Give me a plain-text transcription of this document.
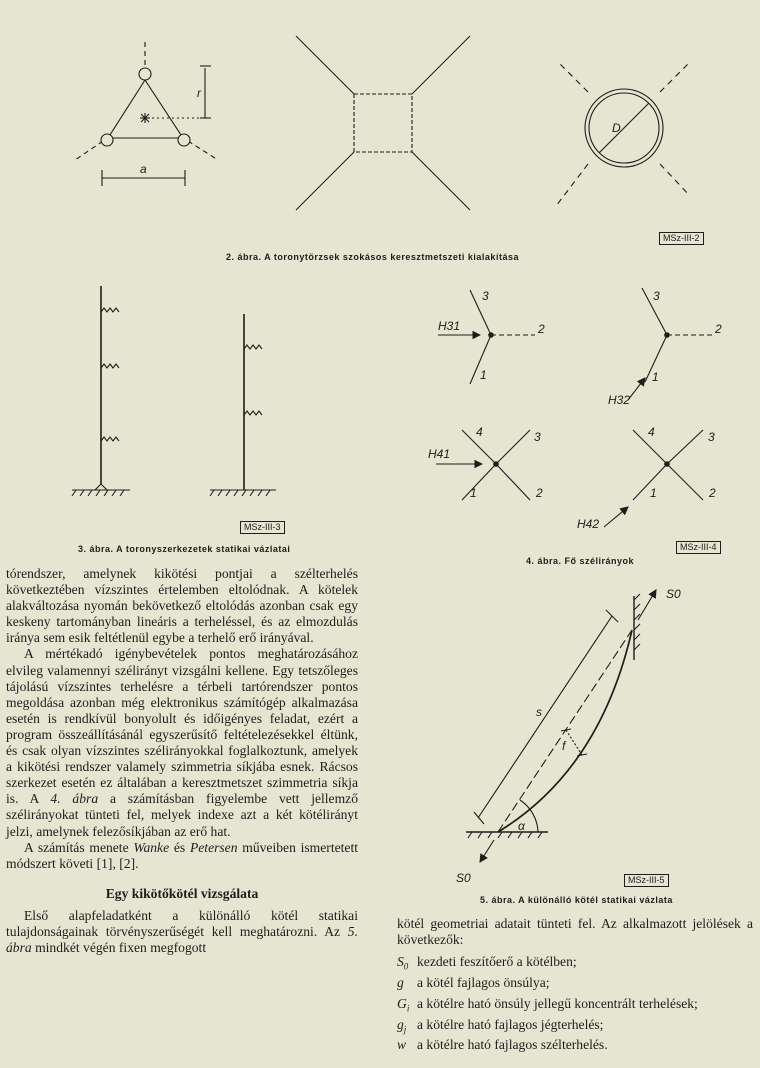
r
a
D
H31
3
2
1
3
2
1
H32
H41
4	3
1	2
4	3
1	2
H42
S0
S0
s
f
α
MSz-III-2
2. ábra. A toronytörzsek szokásos keresztmetszeti kialakítása
MSz-III-3
3. ábra. A toronyszerkezetek statikai vázlatai	MSz-III-4
4. ábra. Fő szélirányok
MSz-III-5
5. ábra. A különálló kötél statikai vázlata

tórendszer, amelynek kikötési pontjai a szélterhelés következtében vízszintes értelemben eltolódnak. A kötelek alakváltozása nyomán bekövetkező eltolódás azonban csak egy keskeny tartományban lineáris a terheléssel, és az elmozdulás iránya sem esik feltétlenül egybe a terhelő erő irányával.

A mértékadó igénybevételek pontos meghatározásához elvileg valamennyi szélirányt vizsgálni kellene. Egy tetszőleges tájolású vízszintes terhelésre a térbeli tartórendszer pontos megoldása azonban még elektronikus számítógép alkalmazása esetén is rendkívül bonyolult és időigényes feladat, ezért a program összeállításánál egyszerűsítő feltételezésekkel éltünk, és csak olyan vízszintes szélirányokkal foglalkoztunk, amelyek a kikötési rendszer valamely szimmetria síkjába esnek. Rácsos szerkezet esetén ez általában a keresztmetszet szimmetria síkja is. A 4. ábra a számításban figyelembe vett jellemző szélirányokat tünteti fel, melyek indexe azt a két kötélirányt jelzi, amelynek felezősíkjában az erő hat.

A számítás menete Wanke és Petersen műveiben ismertetett módszert követi [1], [2].

Egy kikötőkötél vizsgálata

Első alapfeladatként a különálló kötél statikai tulajdonságainak törvényszerűségét kell meghatározni. Az 5. ábra mindkét végén fixen megfogott

kötél geometriai adatait tünteti fel. Az alkalmazott jelölések a következők:

$S_0$ kezdeti feszítőerő a kötélben;
g a kötél fajlagos önsúlya;
$G_i$ a kötélre ható önsúly jellegű koncentrált terhelések;
$g_j$ a kötélre ható fajlagos jégterhelés;
w a kötélre ható fajlagos szélterhelés.
